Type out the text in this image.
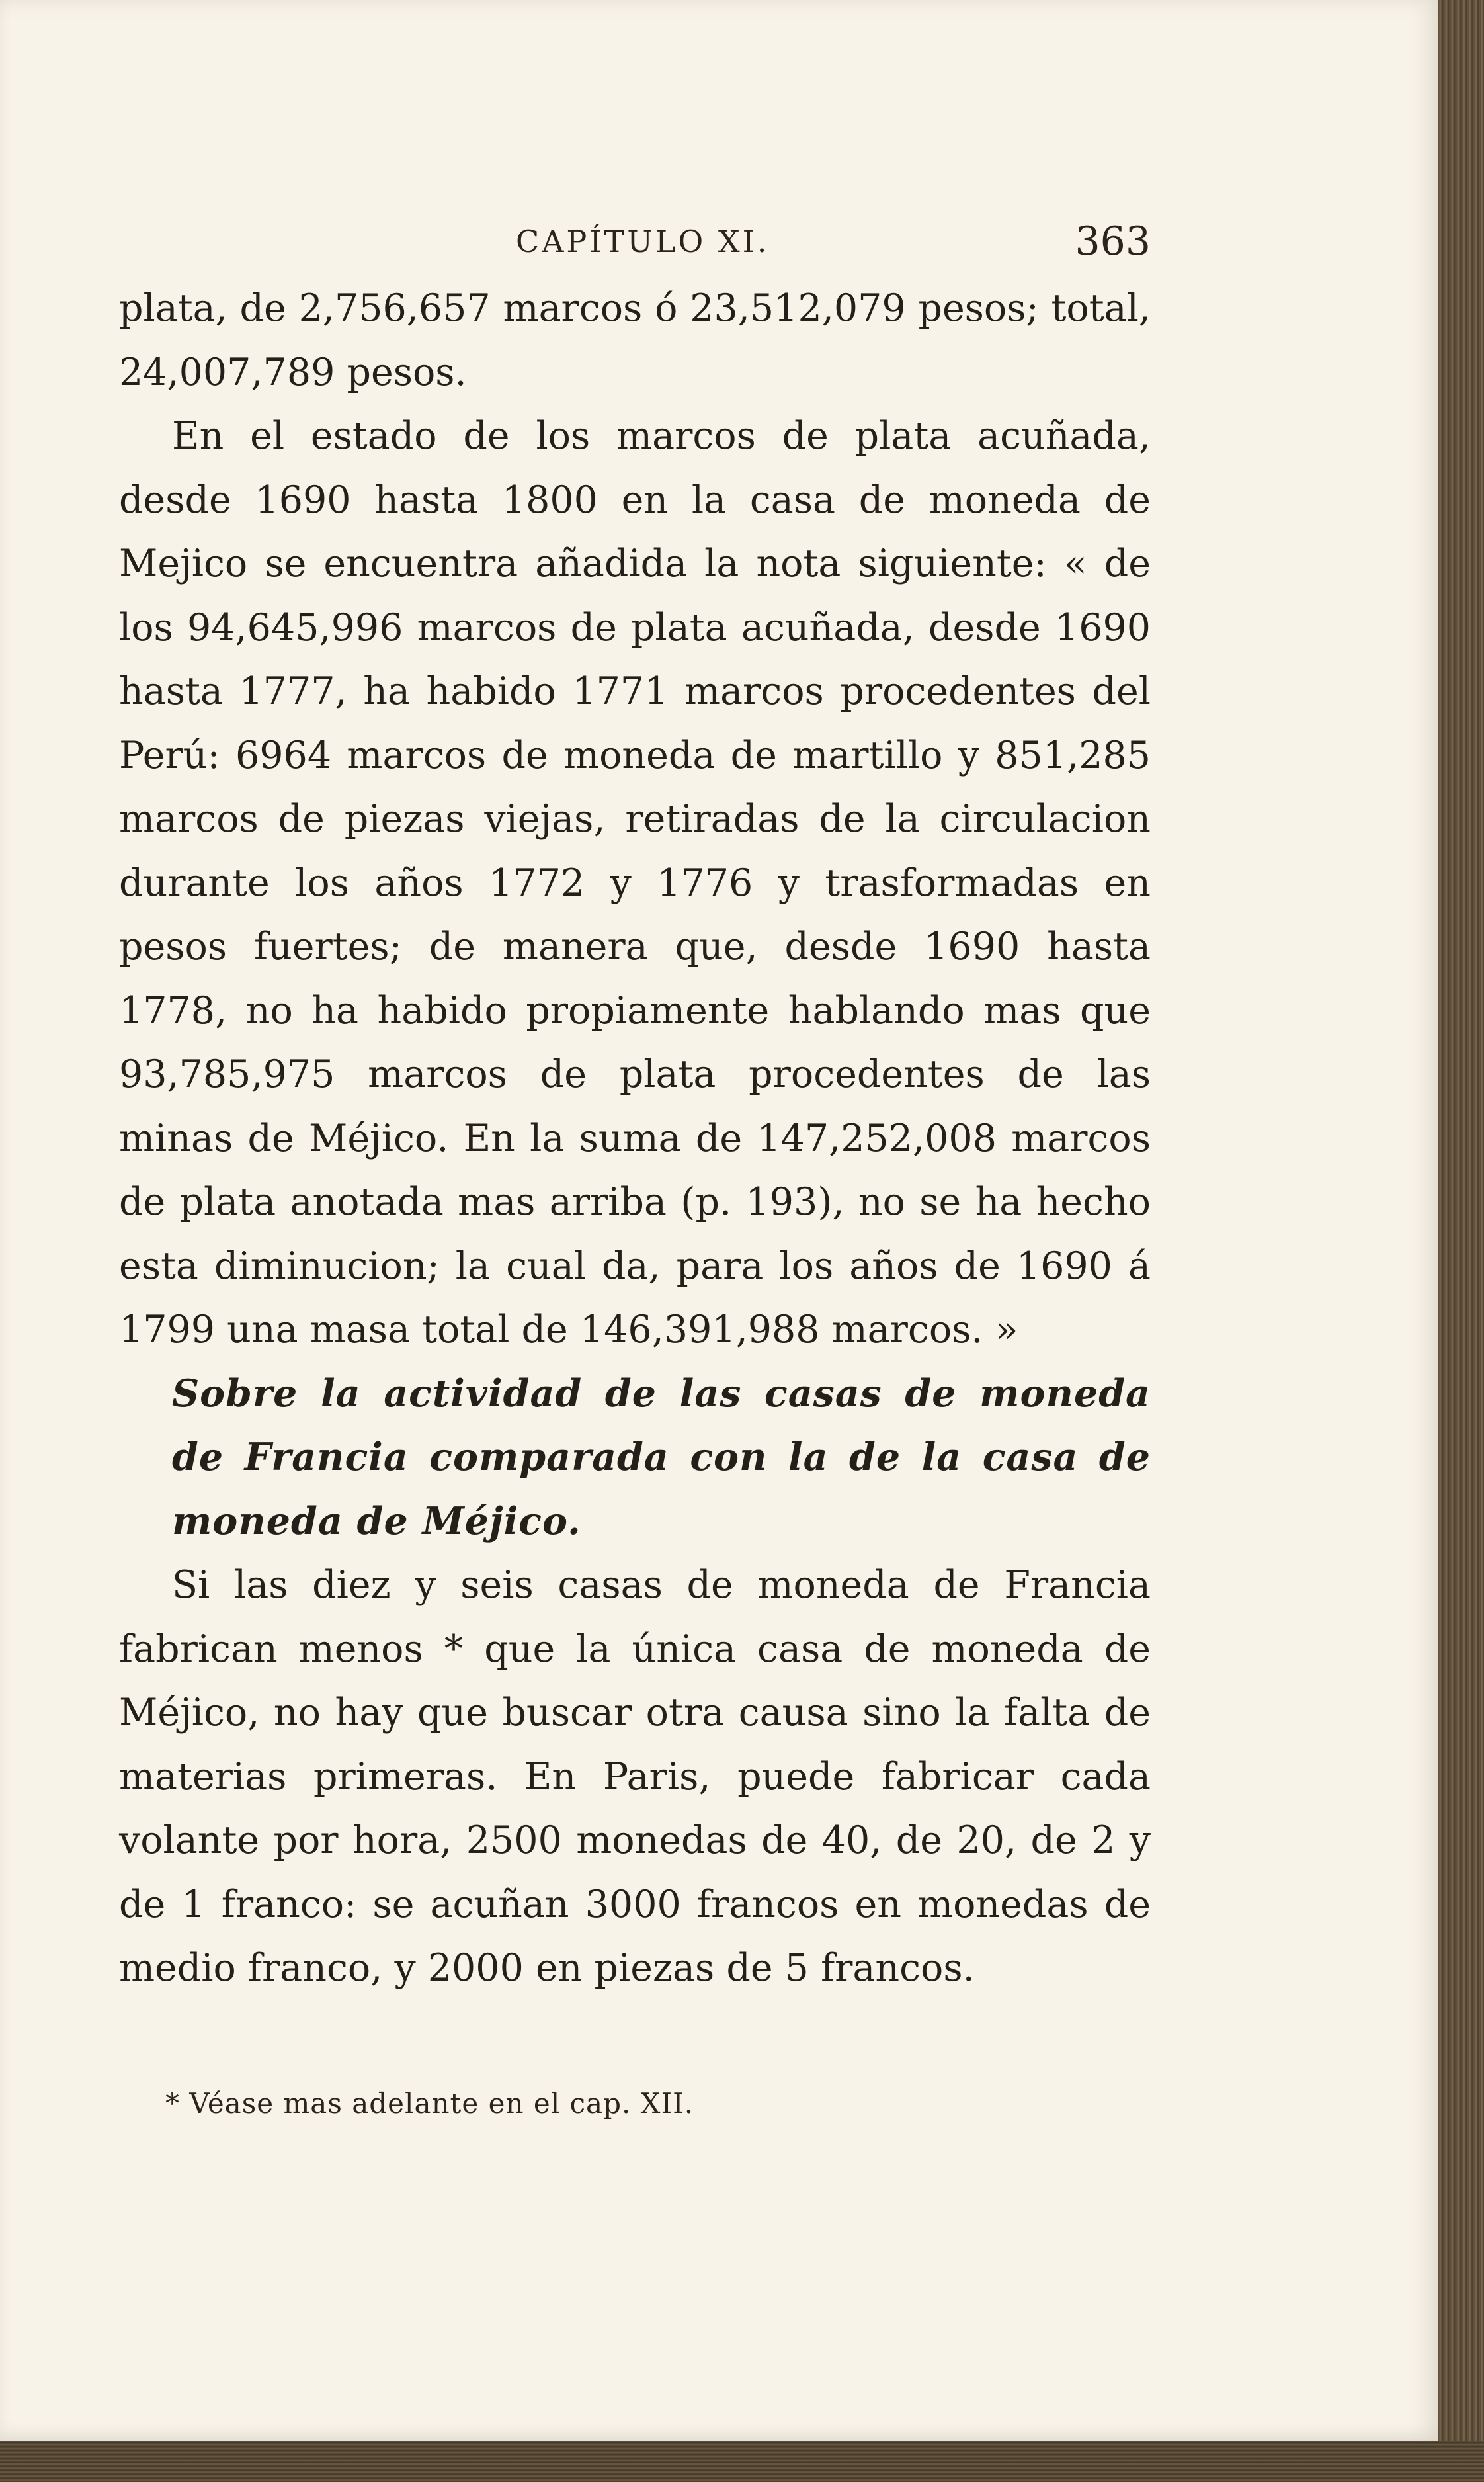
CAPÍTULO XI.	363

plata, de 2,756,657 marcos ó 23,512,079 pesos; total, 24,007,789 pesos.

En el estado de los marcos de plata acuñada, desde 1690 hasta 1800 en la casa de moneda de Mejico se encuentra añadida la nota siguiente: « de los 94,645,996 marcos de plata acuñada, desde 1690 hasta 1777, ha habido 1771 marcos procedentes del Perú: 6964 marcos de moneda de martillo y 851,285 marcos de piezas viejas, retiradas de la circulacion durante los años 1772 y 1776 y trasformadas en pesos fuertes; de manera que, desde 1690 hasta 1778, no ha habido propiamente hablando mas que 93,785,975 marcos de plata procedentes de las minas de Méjico. En la suma de 147,252,008 marcos de plata anotada mas arriba (p. 193), no se ha hecho esta diminucion; la cual da, para los años de 1690 á 1799 una masa total de 146,391,988 marcos. »

Sobre la actividad de las casas de moneda de Francia comparada con la de la casa de moneda de Méjico.

Si las diez y seis casas de moneda de Francia fabrican menos * que la única casa de moneda de Méjico, no hay que buscar otra causa sino la falta de materias primeras. En Paris, puede fabricar cada volante por hora, 2500 monedas de 40, de 20, de 2 y de 1 franco: se acuñan 3000 francos en monedas de medio franco, y 2000 en piezas de 5 francos.

* Véase mas adelante en el cap. XII.
